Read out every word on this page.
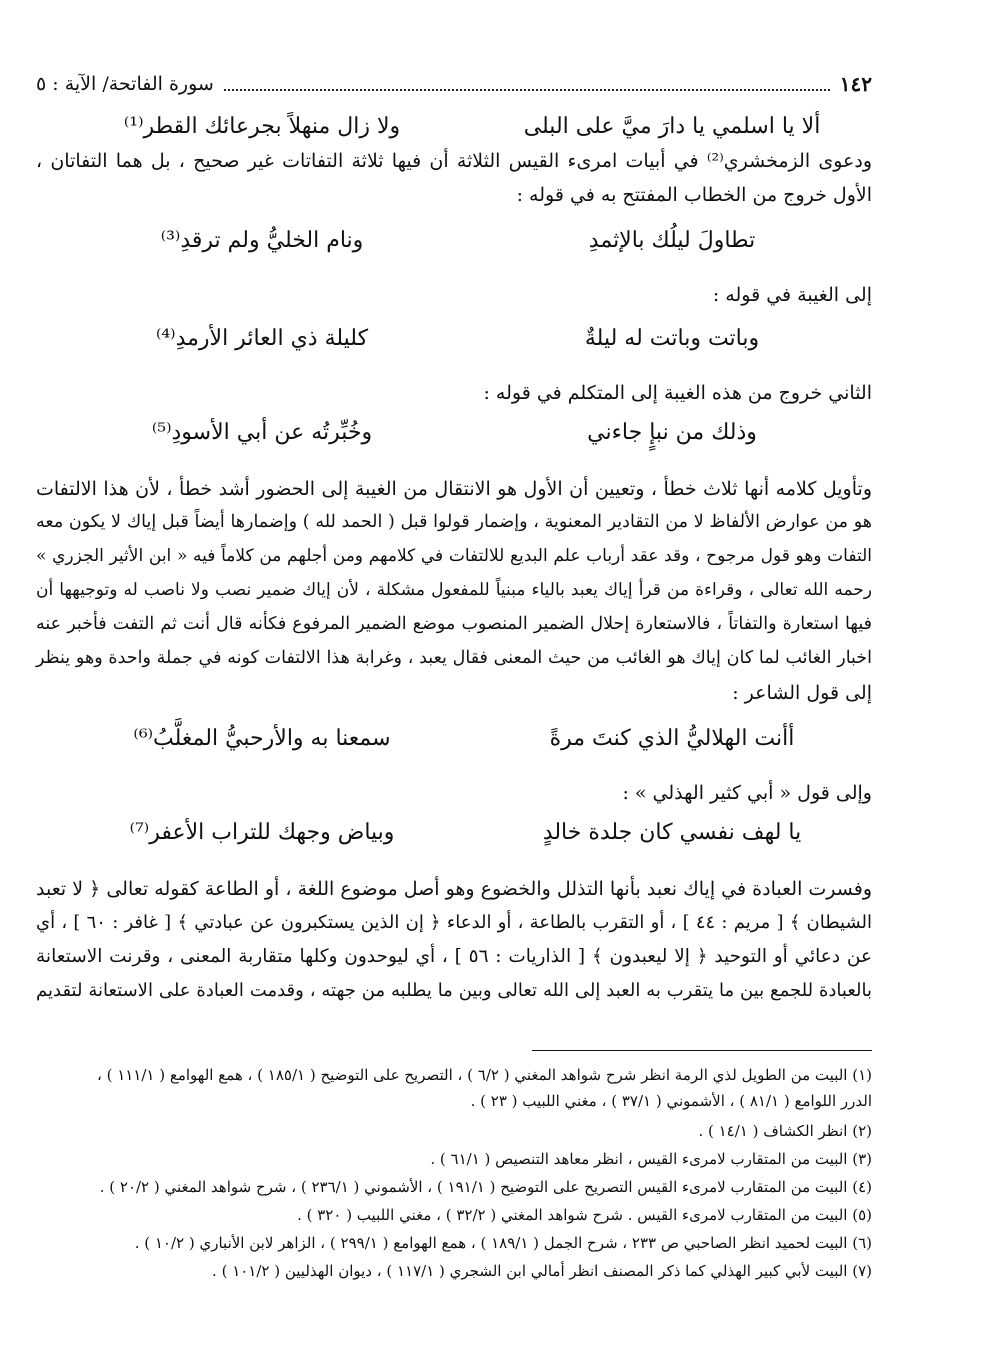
١٤٢
سورة الفاتحة/ الآية : ٥
ألا يا اسلمي يا دارَ ميَّ على البلى
ولا زال منهلاً بجرعائك القطر⁽¹⁾
ودعوى الزمخشري⁽²⁾ في أبيات امرىء القيس الثلاثة أن فيها ثلاثة التفاتات غير صحيح ، بل هما التفاتان ،
الأول خروج من الخطاب المفتتح به في قوله :
تطاولَ ليلُك بالإثمدِ
ونام الخليُّ ولم ترقدِ⁽³⁾
إلى الغيبة في قوله :
وباتت وباتت له ليلةٌ
كليلة ذي العائر الأرمدِ⁽⁴⁾
الثاني خروج من هذه الغيبة إلى المتكلم في قوله :
وذلك من نبإٍ جاءني
وخُبِّرتُه عن أبي الأسودِ⁽⁵⁾
وتأويل كلامه أنها ثلاث خطأ ، وتعيين أن الأول هو الانتقال من الغيبة إلى الحضور أشد خطأ ، لأن هذا الالتفات
هو من عوارض الألفاظ لا من التقادير المعنوية ، وإضمار قولوا قبل ( الحمد لله ) وإضمارها أيضاً قبل إياك لا يكون معه
التفات وهو قول مرجوح ، وقد عقد أرباب علم البديع للالتفات في كلامهم ومن أجلهم من كلاماً فيه « ابن الأثير الجزري »
رحمه الله تعالى ، وقراءة من قرأ إياك يعبد بالياء مبنياً للمفعول مشكلة ، لأن إياك ضمير نصب ولا ناصب له وتوجيهها أن
فيها استعارة والتفاتاً ، فالاستعارة إحلال الضمير المنصوب موضع الضمير المرفوع فكأنه قال أنت ثم التفت فأخبر عنه
اخبار الغائب لما كان إياك هو الغائب من حيث المعنى فقال يعبد ، وغرابة هذا الالتفات كونه في جملة واحدة وهو ينظر
إلى قول الشاعر :
أأنت الهلاليُّ الذي كنتَ مرةً
سمعنا به والأرحبيُّ المغلَّبُ⁽⁶⁾
وإلى قول « أبي كثير الهذلي » :
يا لهف نفسي كان جلدة خالدٍ
وبياض وجهك للتراب الأعفر⁽⁷⁾
وفسرت العبادة في إياك نعبد بأنها التذلل والخضوع وهو أصل موضوع اللغة ، أو الطاعة كقوله تعالى ﴿ لا تعبد
الشيطان ﴾ [ مريم : ٤٤ ] ، أو التقرب بالطاعة ، أو الدعاء ﴿ إن الذين يستكبرون عن عبادتي ﴾ [ غافر : ٦٠ ] ، أي
عن دعائي أو التوحيد ﴿ إلا ليعبدون ﴾ [ الذاريات : ٥٦ ] ، أي ليوحدون وكلها متقاربة المعنى ، وقرنت الاستعانة
بالعبادة للجمع بين ما يتقرب به العبد إلى الله تعالى وبين ما يطلبه من جهته ، وقدمت العبادة على الاستعانة لتقديم
(١) البيت من الطويل لذي الرمة انظر شرح شواهد المغني ( ٦/٢ ) ، التصريح على التوضيح ( ١٨٥/١ ) ، همع الهوامع ( ١١١/١ ) ،
الدرر اللوامع ( ٨١/١ ) ، الأشموني ( ٣٧/١ ) ، مغني اللبيب ( ٢٣ ) .
(٢) انظر الكشاف ( ١٤/١ ) .
(٣) البيت من المتقارب لامرىء القيس ، انظر معاهد التنصيص ( ٦١/١ ) .
(٤) البيت من المتقارب لامرىء القيس التصريح على التوضيح ( ١٩١/١ ) ، الأشموني ( ٢٣٦/١ ) ، شرح شواهد المغني ( ٢٠/٢ ) .
(٥) البيت من المتقارب لامرىء القيس . شرح شواهد المغني ( ٣٢/٢ ) ، مغني اللبيب ( ٣٢٠ ) .
(٦) البيت لحميد انظر الصاحبي ص ٢٣٣ ، شرح الجمل ( ١٨٩/١ ) ، همع الهوامع ( ٢٩٩/١ ) ، الزاهر لابن الأنباري ( ١٠/٢ ) .
(٧) البيت لأبي كبير الهذلي كما ذكر المصنف انظر أمالي ابن الشجري ( ١١٧/١ ) ، ديوان الهذليين ( ١٠١/٢ ) .
